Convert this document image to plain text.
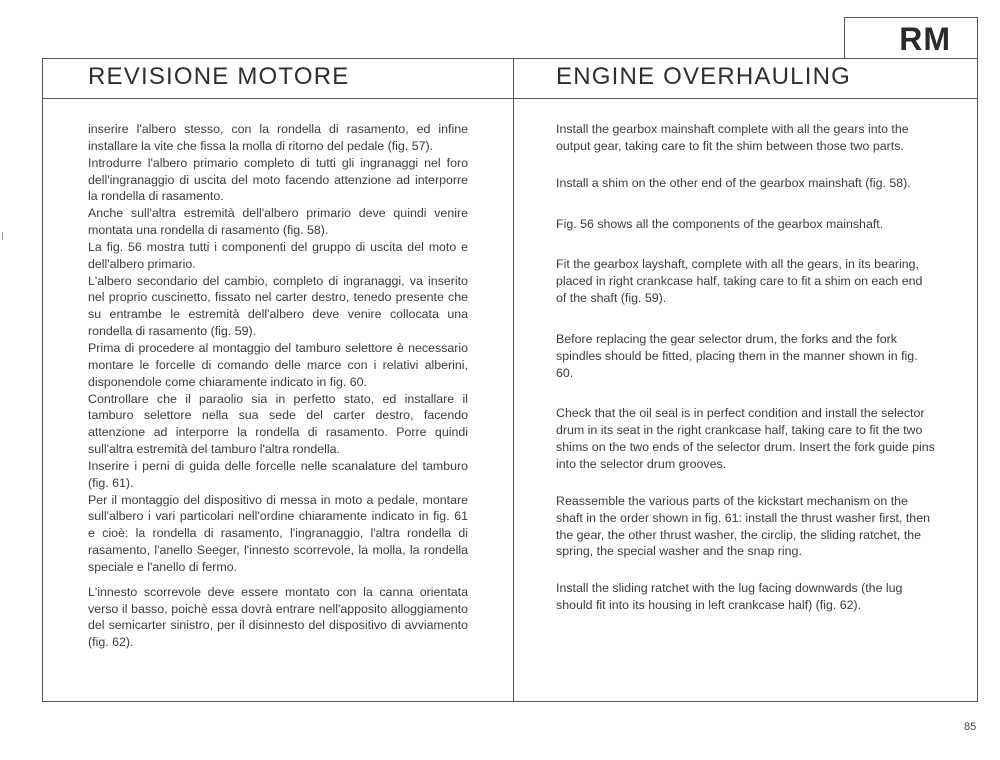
RM
REVISIONE MOTORE	ENGINE OVERHAULING

inserire l'albero stesso, con la rondella di rasamento, ed infine installare la vite che fissa la molla di ritorno del pedale (fig. 57).

Introdurre l'albero primario completo di tutti gli ingranaggi nel foro dell'ingranaggio di uscita del moto facendo attenzione ad interporre la rondella di rasamento.

Anche sull'altra estremità dell'albero primario deve quindi venire montata una rondella di rasamento (fig. 58).

La fig. 56 mostra tutti i componenti del gruppo di uscita del moto e dell'albero primario.

L'albero secondario del cambio, completo di ingranaggi, va inserito nel proprio cuscinetto, fissato nel carter destro, tenedo presente che su entrambe le estremità dell'albero deve venire collocata una rondella di rasamento (fig. 59).

Prima di procedere al montaggio del tamburo selettore è necessario montare le forcelle di comando delle marce con i relativi alberini, disponendole come chiaramente indicato in fig. 60.

Controllare che il paraolio sia in perfetto stato, ed installare il tamburo selettore nella sua sede del carter destro, facendo attenzione ad interporre la rondella di rasamento. Porre quindi sull'altra estremità del tamburo l'altra rondella.

Inserire i perni di guida delle forcelle nelle scanalature del tamburo (fig. 61).

Per il montaggio del dispositivo di messa in moto a pedale, montare sull'albero i vari particolari nell'ordine chiaramente indicato in fig. 61 e cioè: la rondella di rasamento, l'ingranaggio, l'altra rondella di rasamento, l'anello Seeger, l'innesto scorrevole, la molla, la rondella speciale e l'anello di fermo.

L'innesto scorrevole deve essere montato con la canna orientata verso il basso, poichè essa dovrà entrare nell'apposito alloggiamento del semicarter sinistro, per il disinnesto del dispositivo di avviamento (fig. 62).

Install the gearbox mainshaft complete with all the gears into the output gear, taking care to fit the shim between those two parts.

Install a shim on the other end of the gearbox mainshaft (fig. 58).

Fig. 56 shows all the components of the gearbox mainshaft.

Fit the gearbox layshaft, complete with all the gears, in its bearing, placed in right crankcase half, taking care to fit a shim on each end of the shaft (fig. 59).

Before replacing the gear selector drum, the forks and the fork spindles should be fitted, placing them in the manner shown in fig. 60.

Check that the oil seal is in perfect condition and install the selector drum in its seat in the right crankcase half, taking care to fit the two shims on the two ends of the selector drum. Insert the fork guide pins into the selector drum grooves.

Reassemble the various parts of the kickstart mechanism on the shaft in the order shown in fig. 61: install the thrust washer first, then the gear, the other thrust washer, the circlip, the sliding ratchet, the spring, the special washer and the snap ring.

Install the sliding ratchet with the lug facing downwards (the lug should fit into its housing in left crankcase half) (fig. 62).

85
